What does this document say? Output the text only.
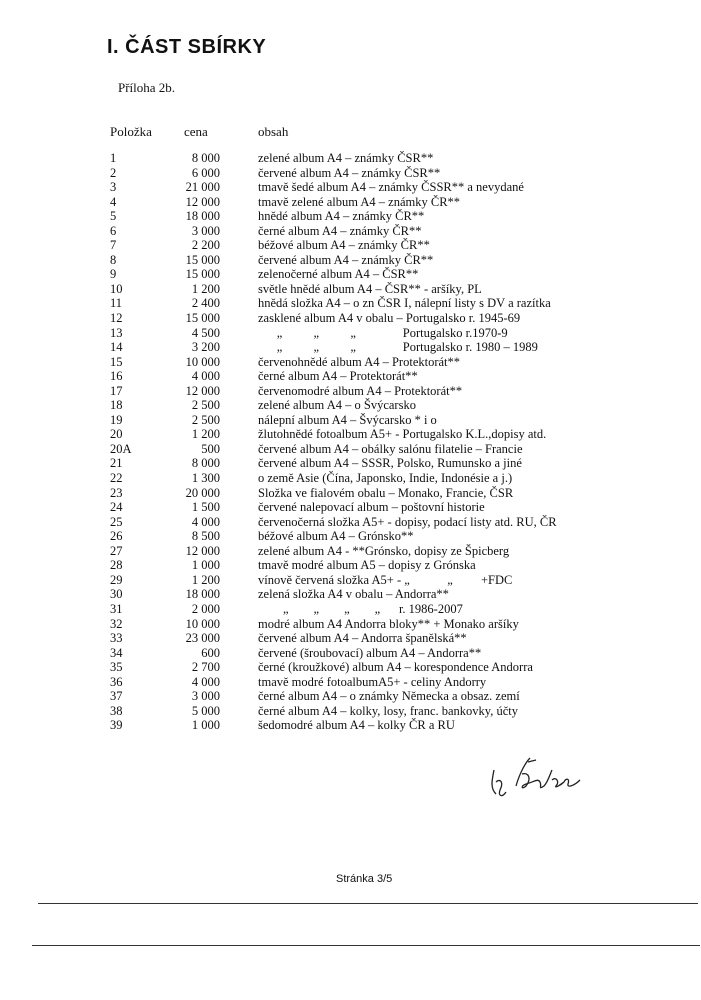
I. ČÁST SBÍRKY
Příloha 2b.
Položka cena	obsah
1	8 000	zelené album A4 – známky ČSR**
2	6 000	červené album A4 – známky ČSR**
3	21 000	tmavě šedé album A4 – známky ČSSR** a nevydané
4	12 000	tmavě zelené album A4 – známky ČR**
5	18 000	hnědé album A4 – známky ČR**
6	3 000	černé album A4 – známky ČR**
7	2 200	béžové album A4 – známky ČR**
8	15 000	červené album A4 – známky ČR**
9	15 000	zelenočerné album A4 – ČSR**
10	1 200	světle hnědé album A4 – ČSR** - aršíky, PL
11	2 400	hnědá složka A4 – o zn ČSR I, nálepní listy s DV a razítka
12	15 000	zasklené album A4 v obalu – Portugalsko r. 1945-69
13	4 500	„          „          „               Portugalsko r.1970-9
14	3 200	„          „          „               Portugalsko r. 1980 – 1989
15	10 000	červenohnědé album A4 – Protektorát**
16	4 000	černé album A4 – Protektorát**
17	12 000	červenomodré album A4 – Protektorát**
18	2 500	zelené album A4 – o Švýcarsko
19	2 500	nálepní album A4 – Švýcarsko * i o
20	1 200	žlutohnědé fotoalbum A5+ - Portugalsko K.L.,dopisy atd.
20A	500	červené album A4 – obálky salónu filatelie – Francie
21	8 000	červené album A4 – SSSR, Polsko, Rumunsko a jiné
22	1 300	o země Asie (Čína, Japonsko, Indie, Indonésie a j.)
23	20 000	Složka ve fialovém obalu – Monako, Francie, ČSR
24	1 500	červené nalepovací album – poštovní historie
25	4 000	červenočerná složka A5+ - dopisy, podací listy atd. RU, ČR
26	8 500	béžové album A4 – Grónsko**
27	12 000	zelené album A4 - **Grónsko, dopisy ze Špicberg
28	1 000	tmavě modré album A5 – dopisy z Grónska
29	1 200	vínově červená složka A5+ - „            „         +FDC
30	18 000	zelená složka A4 v obalu – Andorra**
31	2 000	„        „        „        „      r. 1986-2007
32	10 000	modré album A4 Andorra bloky** + Monako aršíky
33	23 000	červené album A4 – Andorra španělská**
34	600	červené (šroubovací) album A4 – Andorra**
35	2 700	černé (kroužkové) album A4 – korespondence Andorra
36	4 000	tmavě modré fotoalbumA5+ - celiny Andorry
37	3 000	černé album A4 – o známky Německa a obsaz. zemí
38	5 000	černé album A4 – kolky, losy, franc. bankovky, účty
39	1 000	šedomodré album A4 – kolky ČR a RU
Stránka 3/5
